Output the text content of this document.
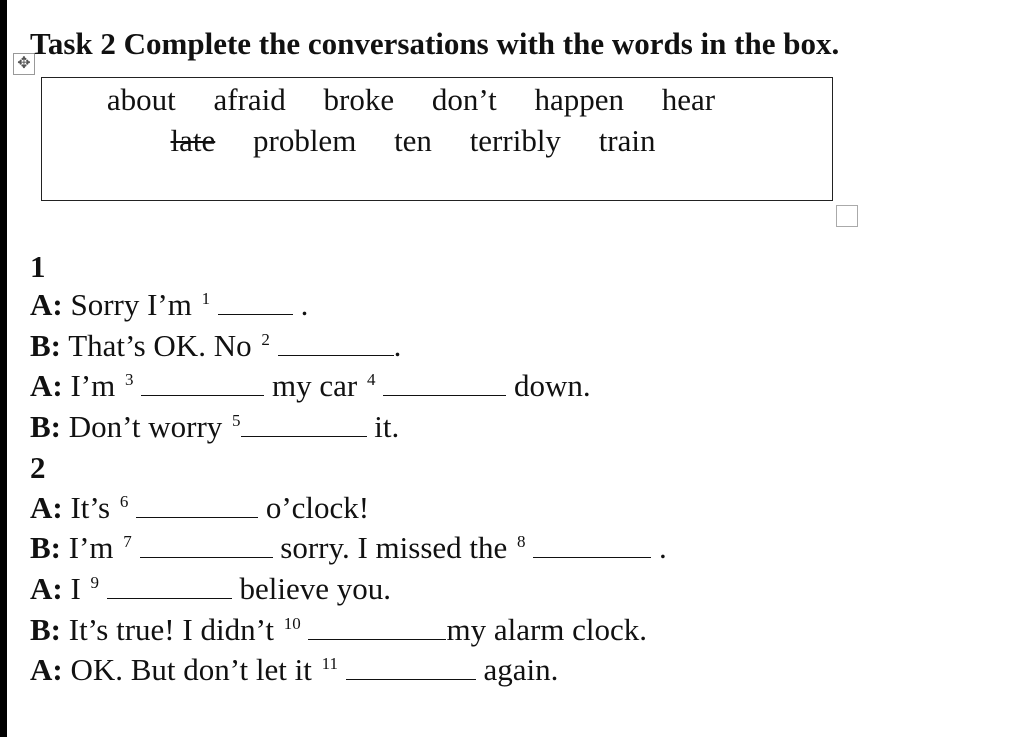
✥
Task 2 Complete the conversations with the words in the box.
about afraid broke don’t happen hear
late problem ten terribly train
1
A: Sorry I’m $^1$	.
B: That’s OK. No $^2$	.
A: I’m $^3$	my car $^4$	down.
B: Don’t worry $^5$	it.
2
A: It’s $^6$	o’clock!
B: I’m $^7$	sorry. I missed the $^8$	.
A: I $^9$	believe you.
B: It’s true! I didn’t $^{10}$	my alarm clock.
A: OK. But don’t let it $^{11}$	again.
